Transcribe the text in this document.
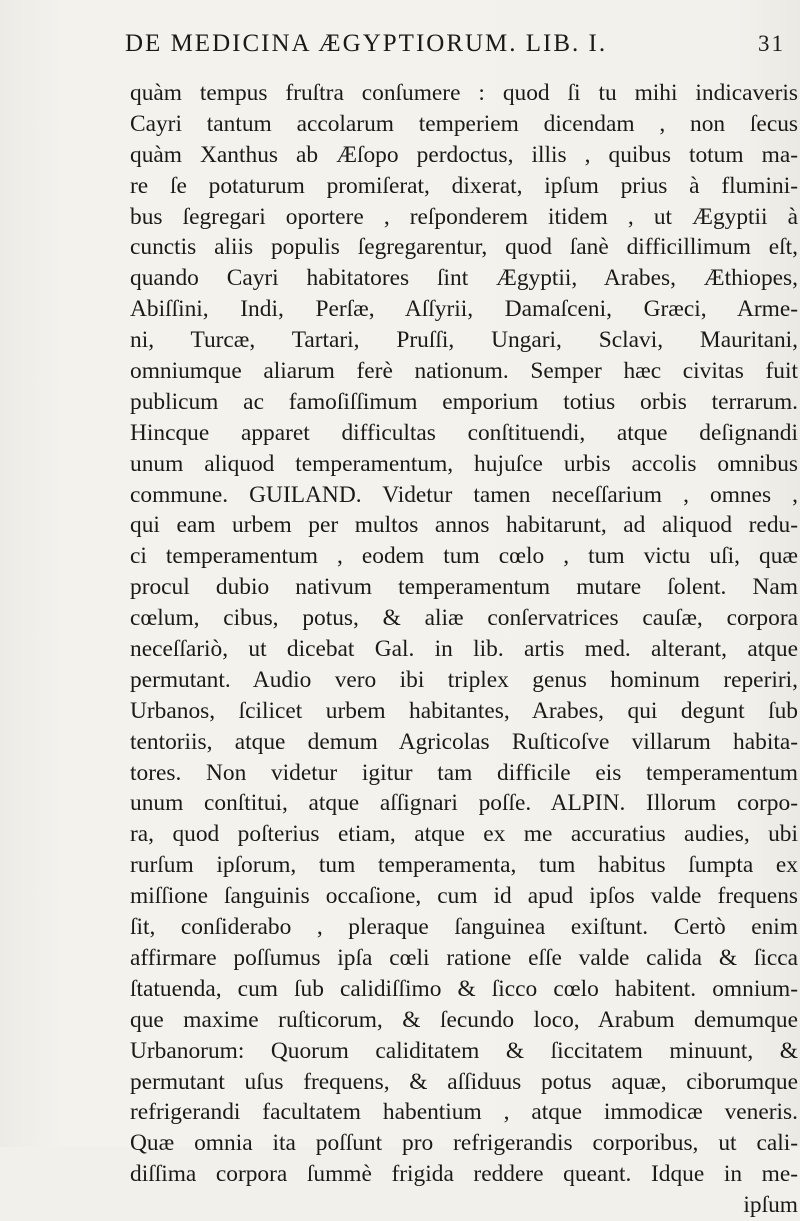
DE MEDICINA ÆGYPTIORUM. LIB. I.	31
quàm tempus fruſtra conſumere : quod ſi tu mihi indicaveris
Cayri tantum accolarum temperiem dicendam , non ſecus
quàm Xanthus ab Æſopo perdoctus, illis , quibus totum ma-
re ſe potaturum promiſerat, dixerat, ipſum prius à flumini-
bus ſegregari oportere , reſponderem itidem , ut Ægyptii à
cunctis aliis populis ſegregarentur, quod ſanè difficillimum eſt,
quando Cayri habitatores ſint Ægyptii, Arabes, Æthiopes,
Abiſſini, Indi, Perſæ, Aſſyrii, Damaſceni, Græci, Arme-
ni, Turcæ, Tartari, Pruſſi, Ungari, Sclavi, Mauritani,
omniumque aliarum ferè nationum. Semper hæc civitas fuit
publicum ac famoſiſſimum emporium totius orbis terrarum.
Hincque apparet difficultas conſtituendi, atque deſignandi
unum aliquod temperamentum, hujuſce urbis accolis omnibus
commune. GUILAND. Videtur tamen neceſſarium , omnes ,
qui eam urbem per multos annos habitarunt, ad aliquod redu-
ci temperamentum , eodem tum cœlo , tum victu uſi, quæ
procul dubio nativum temperamentum mutare ſolent. Nam
cœlum, cibus, potus, & aliæ conſervatrices cauſæ, corpora
neceſſariò, ut dicebat Gal. in lib. artis med. alterant, atque
permutant. Audio vero ibi triplex genus hominum reperiri,
Urbanos, ſcilicet urbem habitantes, Arabes, qui degunt ſub
tentoriis, atque demum Agricolas Ruſticoſve villarum habita-
tores. Non videtur igitur tam difficile eis temperamentum
unum conſtitui, atque aſſignari poſſe. ALPIN. Illorum corpo-
ra, quod poſterius etiam, atque ex me accuratius audies, ubi
rurſum ipſorum, tum temperamenta, tum habitus ſumpta ex
miſſione ſanguinis occaſione, cum id apud ipſos valde frequens
ſit, conſiderabo , pleraque ſanguinea exiſtunt. Certò enim
affirmare poſſumus ipſa cœli ratione eſſe valde calida & ſicca
ſtatuenda, cum ſub calidiſſimo & ſicco cœlo habitent. omnium-
que maxime ruſticorum, & ſecundo loco, Arabum demumque
Urbanorum: Quorum caliditatem & ſiccitatem minuunt, &
permutant uſus frequens, & aſſiduus potus aquæ, ciborumque
refrigerandi facultatem habentium , atque immodicæ veneris.
Quæ omnia ita poſſunt pro refrigerandis corporibus, ut cali-
diſſima corpora ſummè frigida reddere queant. Idque in me-
ipſum
